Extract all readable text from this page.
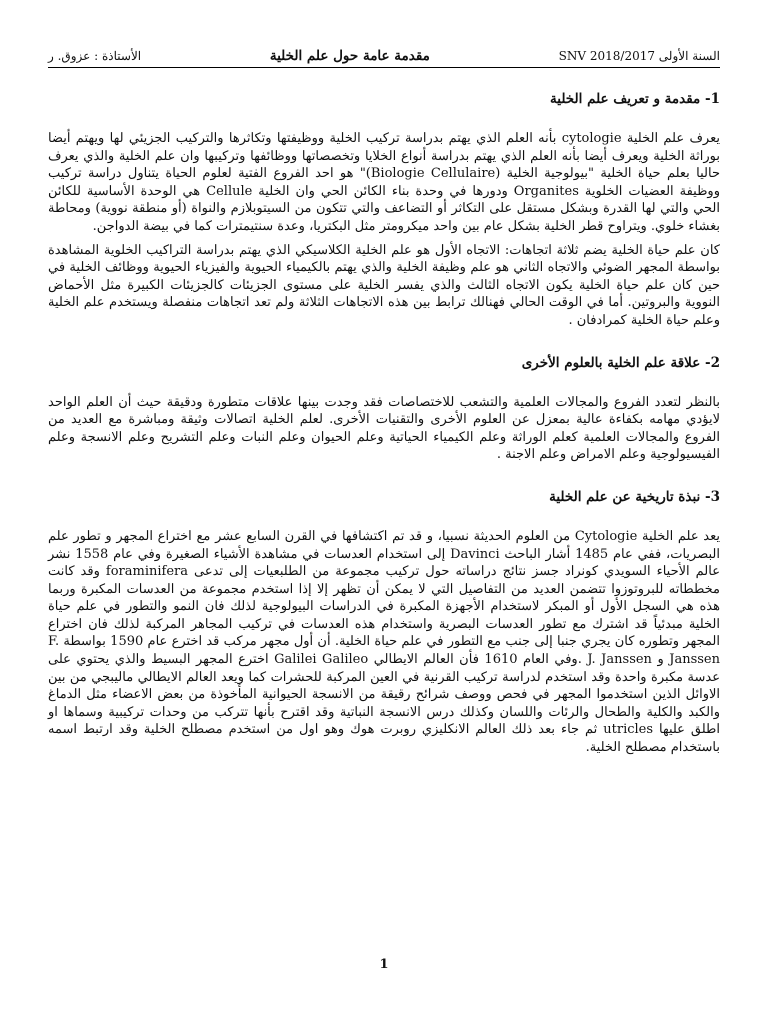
الأستاذة : عزوق. ر	مقدمة عامة حول علم الخلية	السنة الأولى SNV 2018/2017
1- مقدمة و تعريف علم الخلية

يعرف علم الخلية cytologie بأنه العلم الذي يهتم بدراسة تركيب الخلية ووظيفتها وتكاثرها والتركيب الجزيئي لها ويهتم أيضا بوراثة الخلية ويعرف أيضا بأنه العلم الذي يهتم بدراسة أنواع الخلايا وتخصصاتها ووظائفها وتركيبها وان علم الخلية والذي يعرف حاليا بعلم حياة الخلية "بيولوجية الخلية (Biologie Cellulaire)" هو احد الفروع الفتية لعلوم الحياة يتناول دراسة تركيب ووظيفة العضيات الخلوية Organites ودورها في وحدة بناء الكائن الحي وان الخلية Cellule هي الوحدة الأساسية للكائن الحي والتي لها القدرة وبشكل مستقل على التكاثر أو التضاعف والتي تتكون من السيتوبلازم والنواة (أو منطقة نووية) ومحاطة بغشاء خلوي. ويتراوح قطر الخلية بشكل عام بين واحد ميكرومتر مثل البكتريا، وعدة سنتيمترات كما في بيضة الدواجن.

كان علم حياة الخلية يضم ثلاثة اتجاهات: الاتجاه الأول هو علم الخلية الكلاسيكي الذي يهتم بدراسة التراكيب الخلوية المشاهدة بواسطة المجهر الضوئي والاتجاه الثاني هو علم وظيفة الخلية والذي يهتم بالكيمياء الحيوية والفيزياء الحيوية ووظائف الخلية في حين كان علم حياة الخلية يكون الاتجاه الثالث والذي يفسر الخلية على مستوى الجزيئات كالجزيئات الكبيرة مثل الأحماض النووية والبروتين. أما في الوقت الحالي فهنالك ترابط بين هذه الاتجاهات الثلاثة ولم تعد اتجاهات منفصلة ويستخدم علم الخلية وعلم حياة الخلية كمرادفان .

2- علاقة علم الخلية بالعلوم الأخرى

بالنظر لتعدد الفروع والمجالات العلمية والتشعب للاختصاصات فقد وجدت بينها علاقات متطورة ودقيقة حيث أن العلم الواحد لايؤدي مهامه بكفاءة عالية بمعزل عن العلوم الأخرى والتقنيات الأخرى. لعلم الخلية اتصالات وثيقة ومباشرة مع العديد من الفروع والمجالات العلمية كعلم الوراثة وعلم الكيمياء الحياتية وعلم الحيوان وعلم النبات وعلم التشريح وعلم الانسجة وعلم الفيسيولوجية وعلم الامراض وعلم الاجنة .

3- نبذة تاريخية عن علم الخلية

يعد علم الخلية Cytologie من العلوم الحديثة نسبيا، و قد تم اكتشافها في القرن السابع عشر مع اختراع المجهر و تطور علم البصريات، ففي عام 1485 أشار الباحث Davinci إلى استخدام العدسات في مشاهدة الأشياء الصغيرة وفي عام 1558 نشر عالم الأحياء السويدي كونراد جسز نتائج دراساته حول تركيب مجموعة من الطلبعيات إلى تدعى foraminifera وقد كانت مخططاته للبروتوزوا تتضمن العديد من التفاصيل التي لا يمكن أن تظهر إلا إذا استخدم مجموعة من العدسات المكبرة وربما هذه هي السجل الأول أو المبكر لاستخدام الأجهزة المكبرة في الدراسات البيولوجية لذلك فان النمو والتطور في علم حياة الخلية مبدئياً قد اشترك مع تطور العدسات البصرية واستخدام هذه العدسات في تركيب المجاهر المركبة لذلك فان اختراع المجهر وتطوره كان يجري جنبا إلى جنب مع التطور في علم حياة الخلية. أن أول مجهر مركب قد اخترع عام 1590 بواسطة F. Janssen و J. Janssen .وفي العام 1610 فأن العالم الايطالي Galilei Galileo اخترع المجهر البسيط والذي يحتوي على عدسة مكبرة واحدة وقد استخدم لدراسة تركيب القرنية في العين المركبة للحشرات كما ويعد العالم الايطالي ماليبجي من بين الاوائل الذين استخدموا المجهر في فحص ووصف شرائح رقيقة من الانسجة الحيوانية المأخوذة من بعض الاعضاء مثل الدماغ والكبد والكلية والطحال والرئات واللسان وكذلك درس الانسجة النباتية وقد اقترح بأنها تتركب من وحدات تركيبية وسماها او اطلق عليها utricles ثم جاء بعد ذلك العالم الانكليزي روبرت هوك وهو اول من استخدم مصطلح الخلية وقد ارتبط اسمه باستخدام مصطلح الخلية.

1
